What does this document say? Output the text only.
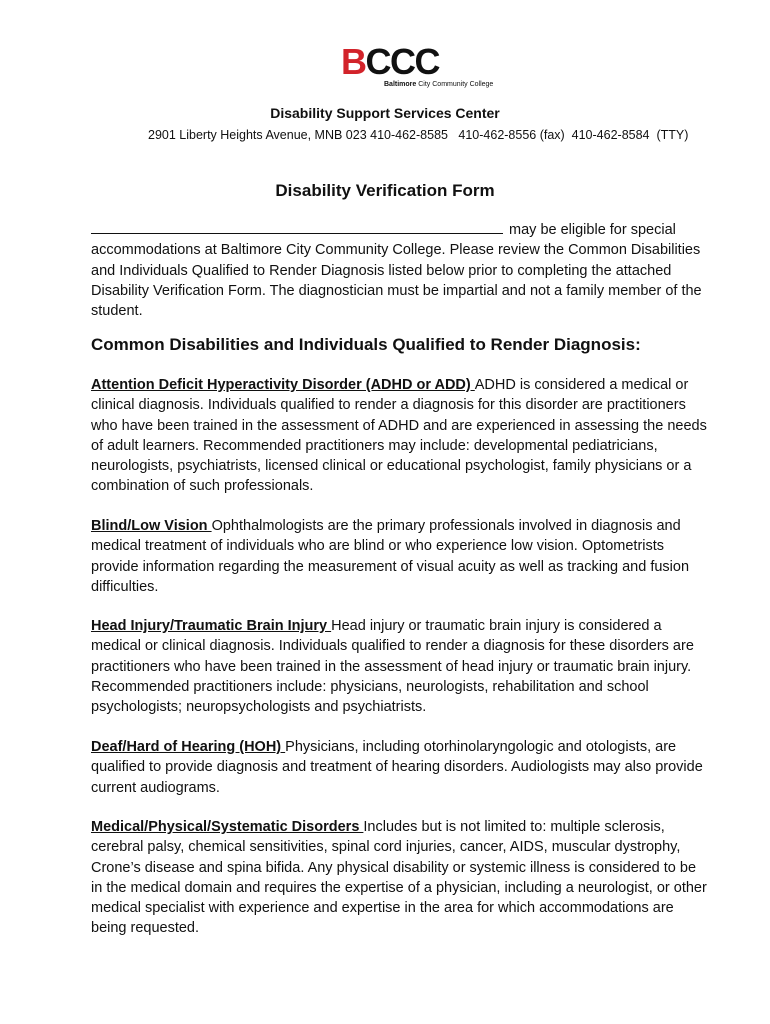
BCCC
Baltimore City Community College
Disability Support Services Center
2901 Liberty Heights Avenue, MNB 023 410-462-8585   410-462-8556 (fax)  410-462-8584  (TTY)
Disability Verification Form
may be eligible for special accommodations at Baltimore City Community College. Please review the Common Disabilities and Individuals Qualified to Render Diagnosis listed below prior to completing the attached Disability Verification Form. The diagnostician must be impartial and not a family member of the student.
Common Disabilities and Individuals Qualified to Render Diagnosis:
Attention Deficit Hyperactivity Disorder (ADHD or ADD) ADHD is considered a medical or clinical diagnosis. Individuals qualified to render a diagnosis for this disorder are practitioners who have been trained in the assessment of ADHD and are experienced in assessing the needs of adult learners. Recommended practitioners may include: developmental pediatricians, neurologists, psychiatrists, licensed clinical or educational psychologist, family physicians or a combination of such professionals.
Blind/Low Vision Ophthalmologists are the primary professionals involved in diagnosis and medical treatment of individuals who are blind or who experience low vision. Optometrists provide information regarding the measurement of visual acuity as well as tracking and fusion difficulties.
Head Injury/Traumatic Brain Injury Head injury or traumatic brain injury is considered a medical or clinical diagnosis. Individuals qualified to render a diagnosis for these disorders are practitioners who have been trained in the assessment of head injury or traumatic brain injury. Recommended practitioners include: physicians, neurologists, rehabilitation and school psychologists; neuropsychologists and psychiatrists.
Deaf/Hard of Hearing (HOH) Physicians, including otorhinolaryngologic and otologists, are qualified to provide diagnosis and treatment of hearing disorders. Audiologists may also provide current audiograms.
Medical/Physical/Systematic Disorders Includes but is not limited to: multiple sclerosis, cerebral palsy, chemical sensitivities, spinal cord injuries, cancer, AIDS, muscular dystrophy, Crone’s disease and spina bifida. Any physical disability or systemic illness is considered to be in the medical domain and requires the expertise of a physician, including a neurologist, or other medical specialist with experience and expertise in the area for which accommodations are being requested.
